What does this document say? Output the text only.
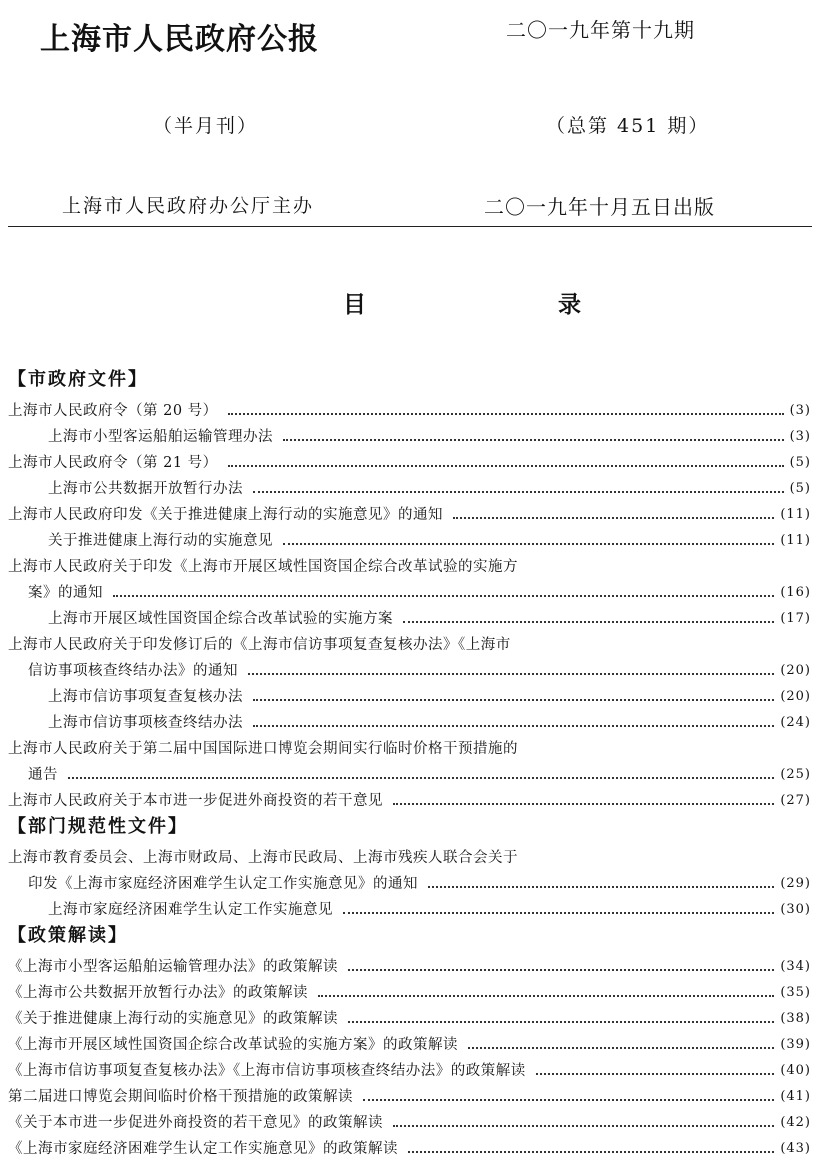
上海市人民政府公报	二〇一九年第十九期
（半月刊）	（总第 451 期）
上海市人民政府办公厅主办	二〇一九年十月五日出版
目 录
【市政府文件】
上海市人民政府令（第 20 号）	(3)
上海市小型客运船舶运输管理办法	(3)
上海市人民政府令（第 21 号）	(5)
上海市公共数据开放暂行办法	(5)
上海市人民政府印发《关于推进健康上海行动的实施意见》的通知	(11)
关于推进健康上海行动的实施意见	(11)
上海市人民政府关于印发《上海市开展区域性国资国企综合改革试验的实施方
案》的通知	(16)
上海市开展区域性国资国企综合改革试验的实施方案	(17)
上海市人民政府关于印发修订后的《上海市信访事项复查复核办法》《上海市
信访事项核查终结办法》的通知	(20)
上海市信访事项复查复核办法	(20)
上海市信访事项核查终结办法	(24)
上海市人民政府关于第二届中国国际进口博览会期间实行临时价格干预措施的
通告	(25)
上海市人民政府关于本市进一步促进外商投资的若干意见	(27)
【部门规范性文件】
上海市教育委员会、上海市财政局、上海市民政局、上海市残疾人联合会关于
印发《上海市家庭经济困难学生认定工作实施意见》的通知	(29)
上海市家庭经济困难学生认定工作实施意见	(30)
【政策解读】
《上海市小型客运船舶运输管理办法》的政策解读	(34)
《上海市公共数据开放暂行办法》的政策解读	(35)
《关于推进健康上海行动的实施意见》的政策解读	(38)
《上海市开展区域性国资国企综合改革试验的实施方案》的政策解读	(39)
《上海市信访事项复查复核办法》《上海市信访事项核查终结办法》的政策解读	(40)
第二届进口博览会期间临时价格干预措施的政策解读	(41)
《关于本市进一步促进外商投资的若干意见》的政策解读	(42)
《上海市家庭经济困难学生认定工作实施意见》的政策解读	(43)
